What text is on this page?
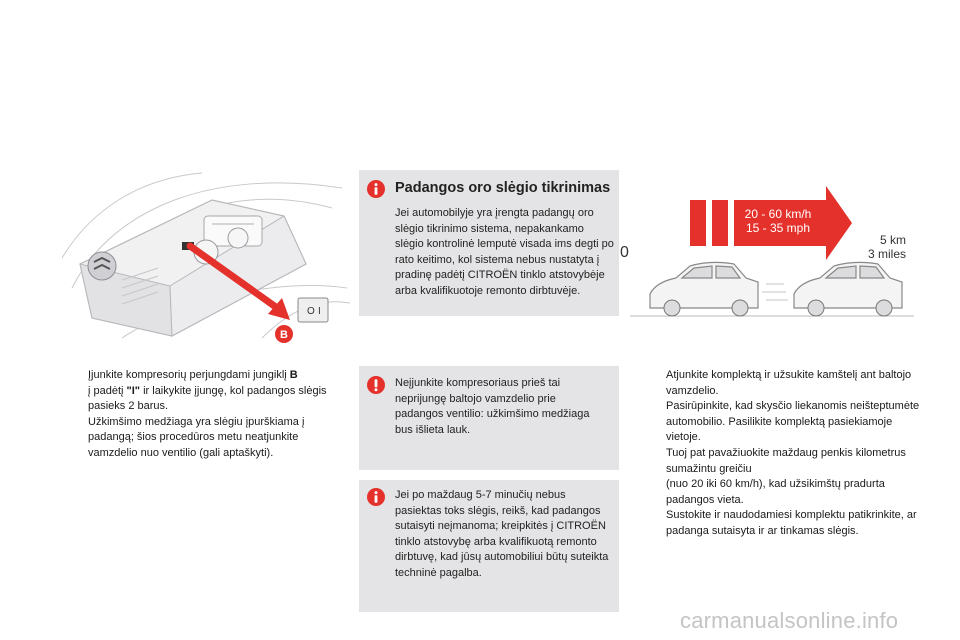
O I
B
Padangos oro slėgio tikrinimas
Jei automobilyje yra įrengta padangų oro slėgio tikrinimo sistema, nepakankamo slėgio kontrolinė lemputė visada ims degti po rato keitimo, kol sistema nebus nustatyta į pradinę padėtį CITROËN tinklo atstovybėje arba kvalifikuotoje remonto dirbtuvėje.
Neįjunkite kompresoriaus prieš tai neprijungę baltojo vamzdelio prie padangos ventilio: užkimšimo medžiaga bus išlieta lauk.
Jei po maždaug 5-7 minučių nebus pasiektas toks slėgis, reikš, kad padangos sutaisyti neįmanoma; kreipkitės į CITROËN tinklo atstovybę arba kvalifikuotą remonto dirbtuvę, kad jūsų automobiliui būtų suteikta techninė pagalba.
Įjunkite kompresorių perjungdami jungiklį B
į padėtį "I" ir laikykite įjungę, kol padangos slėgis pasieks 2 barus.
Užkimšimo medžiaga yra slėgiu įpurškiama į padangą; šios procedūros metu neatjunkite vamzdelio nuo ventilio (gali aptaškyti).
20 - 60 km/h
15 - 35 mph
0
5 km
3 miles
Atjunkite komplektą ir užsukite kamštelį ant baltojo vamzdelio.
Pasirūpinkite, kad skysčio liekanomis neišteptumėte automobilio. Pasilikite komplektą pasiekiamoje vietoje.
Tuoj pat pavažiuokite maždaug penkis kilometrus sumažintu greičiu
(nuo 20 iki 60 km/h), kad užsikimštų pradurta padangos vieta.
Sustokite ir naudodamiesi komplektu patikrinkite, ar padanga sutaisyta ir ar tinkamas slėgis.
carmanualsonline.info
